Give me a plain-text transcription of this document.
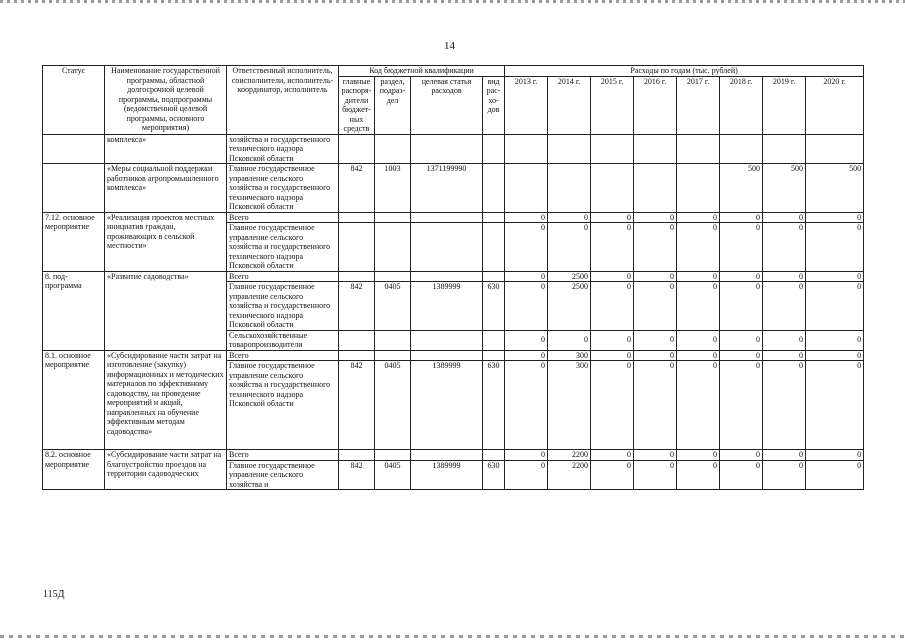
14
Статус	Наименование государственной программы, областной долгосрочной целевой программы, подпрограммы (ведомственной целевой программы, основного мероприятия)	Ответственный исполнитель, соисполнители, исполнитель-координатор, исполнитель	Код бюджетной квалификации				Расходы по годам (тыс. рублей)							
			главные распоря-дители бюджет-ных средств	раздел, подраз-дел	целевая статья расходов	вид рас-хо-дов	2013 г.	2014 г.	2015 г.	2016 г.	2017 г.	2018 г.	2019 г.	2020 г.
	комплекса»	хозяйства и государственного технического надзора Псковской области												
	«Меры социальной поддержки работников агропромышленного комплекса»	Главное государственное управление сельского хозяйства и государственного технического надзора Псковской области	842	1003	1371199990							500	500	500
7.12. основное мероприятие	«Реализация проектов местных инициатив граждан, проживающих в сельской местности»	Всего					0	0	0	0	0	0	0	0
		Главное государственное управление сельского хозяйства и государственного технического надзора Псковской области					0	0	0	0	0	0	0	0
8. под-программа	«Развитие садоводства»	Всего					0	2500	0	0	0	0	0	0
		Главное государственное управление сельского хозяйства и государственного технического надзора Псковской области	842	0405	1389999	630	0	2500	0	0	0	0	0	0
		Сельскохозяйственные товаропроизводители					0	0	0	0	0	0	0	0
8.1. основное мероприятие	«Субсидирование части затрат на изготовление (закупку) информационных и методических материалов по эффективному садоводству, на проведение мероприятий и акций, направленных на обучение эффективным методам садоводства»	Всего					0	300	0	0	0	0	0	0
		Главное государственное управление сельского хозяйства и государственного технического надзора Псковской области	842	0405	1389999	630	0	300	0	0	0	0	0	0
8.2. основное мероприятие	«Субсидирование части затрат на благоустройство проездов на территории садоводческих	Всего					0	2200	0	0	0	0	0	0
		Главное государственное управление сельского хозяйства и	842	0405	1389999	630	0	2200	0	0	0	0	0	0
115Д
